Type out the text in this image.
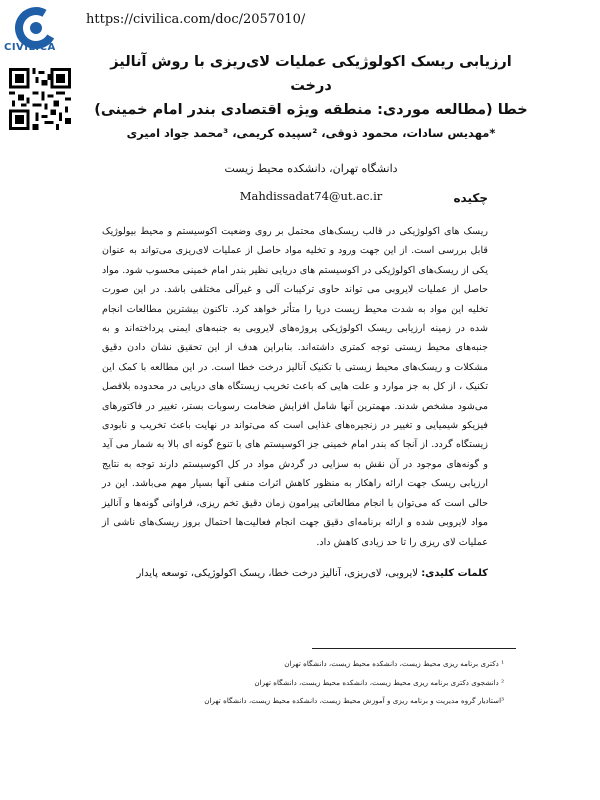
CIVILICA
https://civilica.com/doc/2057010/

ارزیابی ریسک اکولوژیکی عملیات لای‌ریزی با روش آنالیز درخت
خطا (مطالعه موردی: منطقه ویژه اقتصادی بندر امام خمینی)

*مهدیس سادات، محمود ذوقی، ²سپیده کریمی، ³محمد جواد امیری
دانشگاه تهران، دانشکده محیط زیست
Mahdissadat74@ut.ac.ir	چکیده

ریسک های اکولوژیکی در قالب ریسک‌های محتمل بر روی وضعیت اکوسیستم و محیط بیولوژیک قابل بررسی است. از این جهت ورود و تخلیه مواد حاصل از عملیات لای‌ریزی می‌تواند به عنوان یکی از ریسک‌های اکولوژیکی در اکوسیستم های دریایی نظیر بندر امام خمینی محسوب شود. مواد حاصل از عملیات لایروبی می تواند حاوی ترکیبات آلی و غیرآلی مختلفی باشد. در این صورت تخلیه این مواد به شدت محیط زیست دریا را متأثر خواهد کرد. تاکنون بیشترین مطالعات انجام شده در زمینه ارزیابی ریسک اکولوژیکی پروژه‌های لایروبی به جنبه‌های ایمنی پرداخته‌اند و به جنبه‌های محیط زیستی توجه کمتری داشته‌اند. بنابراین هدف از این تحقیق نشان دادن دقیق مشکلات و ریسک‌های محیط زیستی با تکنیک آنالیز درخت خطا است. در این مطالعه با کمک این تکنیک ، از کل به جز موارد و علت هایی که باعث تخریب زیستگاه های دریایی در محدوده بلافصل می‌شود مشخص شدند. مهمترین آنها شامل افزایش ضخامت رسوبات بستر، تغییر در فاکتورهای فیزیکو شیمیایی و تغییر در زنجیره‌های غذایی است که می‌تواند در نهایت باعث تخریب و نابودی زیستگاه گردد. از آنجا که بندر امام خمینی جز اکوسیستم های با تنوع گونه ای بالا به شمار می آید و گونه‌های موجود در آن نقش به سزایی در گردش مواد در کل اکوسیستم دارند توجه به نتایج ارزیابی ریسک جهت ارائه راهکار به منظور کاهش اثرات منفی آنها بسیار مهم می‌باشد. این در حالی است که می‌توان با انجام مطالعاتی پیرامون زمان دقیق تخم ریزی، فراوانی گونه‌ها و آنالیز مواد لایروبی شده و ارائه برنامه‌ای دقیق جهت انجام فعالیت‌ها احتمال بروز ریسک‌های ناشی از عملیات لای ریزی را تا حد زیادی کاهش داد.

کلمات کلیدی: لایروبی، لای‌ریزی، آنالیز درخت خطا، ریسک اکولوژیکی، توسعه پایدار
¹ دکتری برنامه ریزی محیط زیست، دانشکده محیط زیست، دانشگاه تهران
² دانشجوی دکتری برنامه ریزی محیط زیست، دانشکده محیط زیست، دانشگاه تهران
³استادیار گروه مدیریت و برنامه ریزی و آموزش محیط زیست، دانشکده محیط زیست، دانشگاه تهران
